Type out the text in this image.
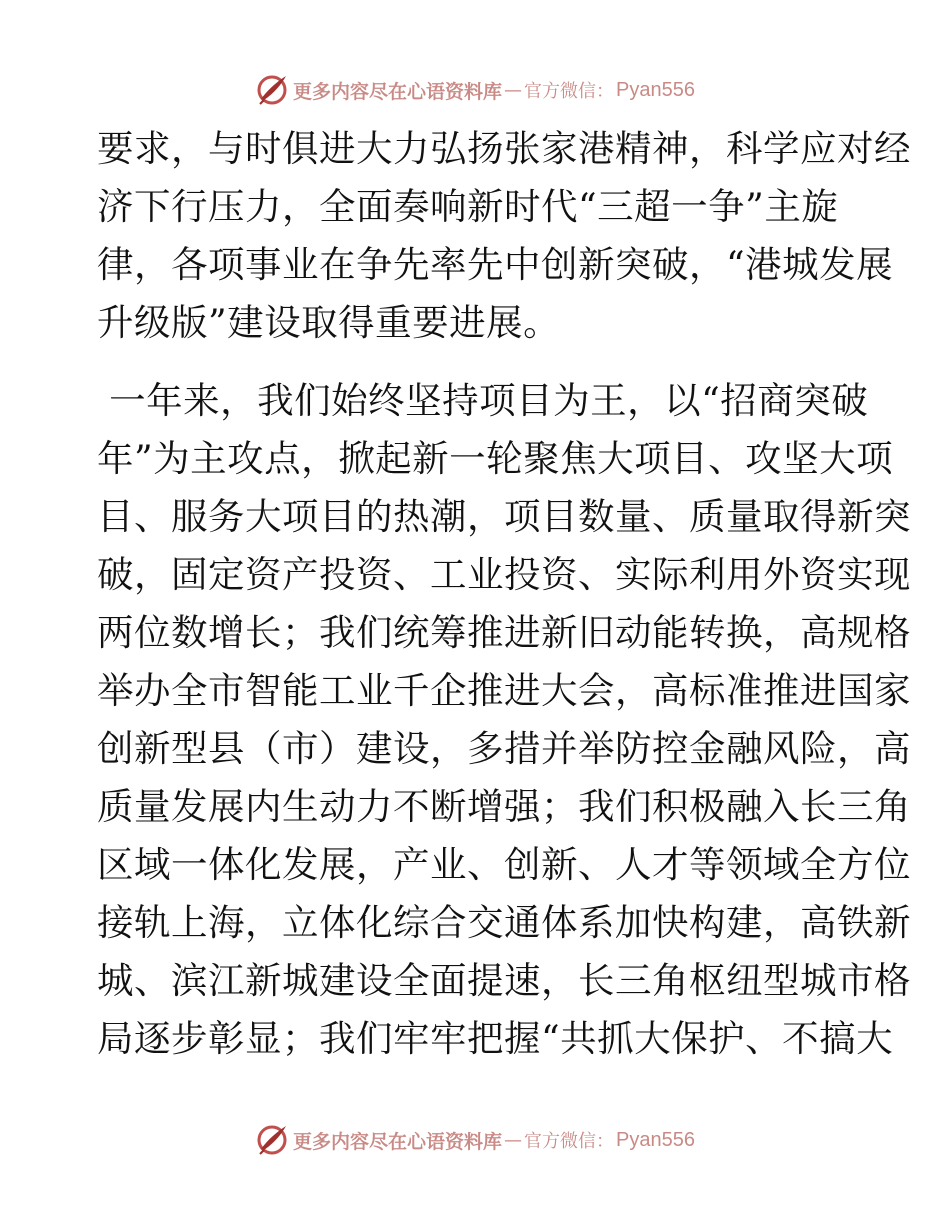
更多内容尽在心语资料库 — 官方微信： Pyan556
要求，与时俱进大力弘扬张家港精神，科学应对经
济下行压力，全面奏响新时代“三超一争”主旋
律，各项事业在争先率先中创新突破，“港城发展
升级版”建设取得重要进展。
一年来，我们始终坚持项目为王，以“招商突破
年”为主攻点，掀起新一轮聚焦大项目、攻坚大项
目、服务大项目的热潮，项目数量、质量取得新突
破，固定资产投资、工业投资、实际利用外资实现
两位数增长；我们统筹推进新旧动能转换，高规格
举办全市智能工业千企推进大会，高标准推进国家
创新型县（市）建设，多措并举防控金融风险，高
质量发展内生动力不断增强；我们积极融入长三角
区域一体化发展，产业、创新、人才等领域全方位
接轨上海，立体化综合交通体系加快构建，高铁新
城、滨江新城建设全面提速，长三角枢纽型城市格
局逐步彰显；我们牢牢把握“共抓大保护、不搞大
更多内容尽在心语资料库 — 官方微信： Pyan556
